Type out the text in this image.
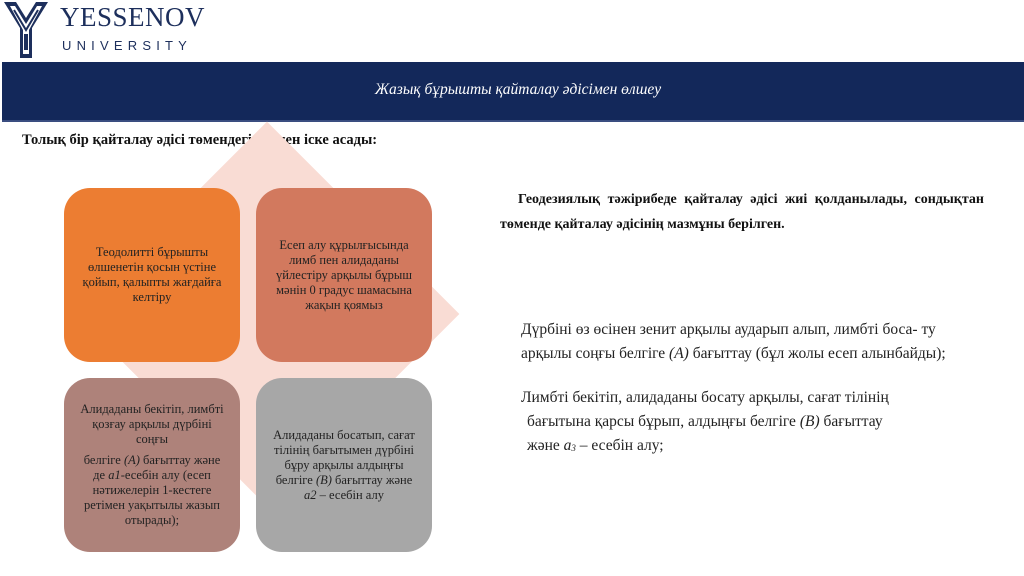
YESSENOV
UNIVERSITY
Жазық бұрышты қайталау әдісімен өлшеу
Толық бір қайталау әдісі төмендегі ретпен іске асады:
Теодолитті бұрышты өлшенетін қосын үстіне қойып, қалыпты жағдайға келтіру
Есеп алу құрылғысында лимб пен алидаданы үйлестіру арқылы бұрыш мәнін 0 градус шамасына жақын қоямыз
Алидаданы бекітіп, лимбті қозғау арқылы дүрбіні соңғы
белгіге (А) бағыттау және де а1-есебін алу (есеп нәтижелерін 1-кестеге ретімен уақытылы жазып отырады);
Алидаданы босатып, сағат тілінің бағытымен дүрбіні бұру арқылы алдыңғы белгіге (В) бағыттау және а2 – есебін алу
Геодезиялық тәжірибеде қайталау әдісі жиі қолданылады, сондықтан төменде қайталау әдісінің мазмұны берілген.
Дүрбіні өз өсінен зенит арқылы аударып алып, лимбті боса- ту арқылы соңғы белгіге (А) бағыттау (бұл жолы есеп алынбайды);
Лимбті бекітіп, алидаданы босату арқылы, сағат тілінің
бағытына қарсы бұрып, алдыңғы белгіге (В) бағыттау
және а3 – есебін алу;
